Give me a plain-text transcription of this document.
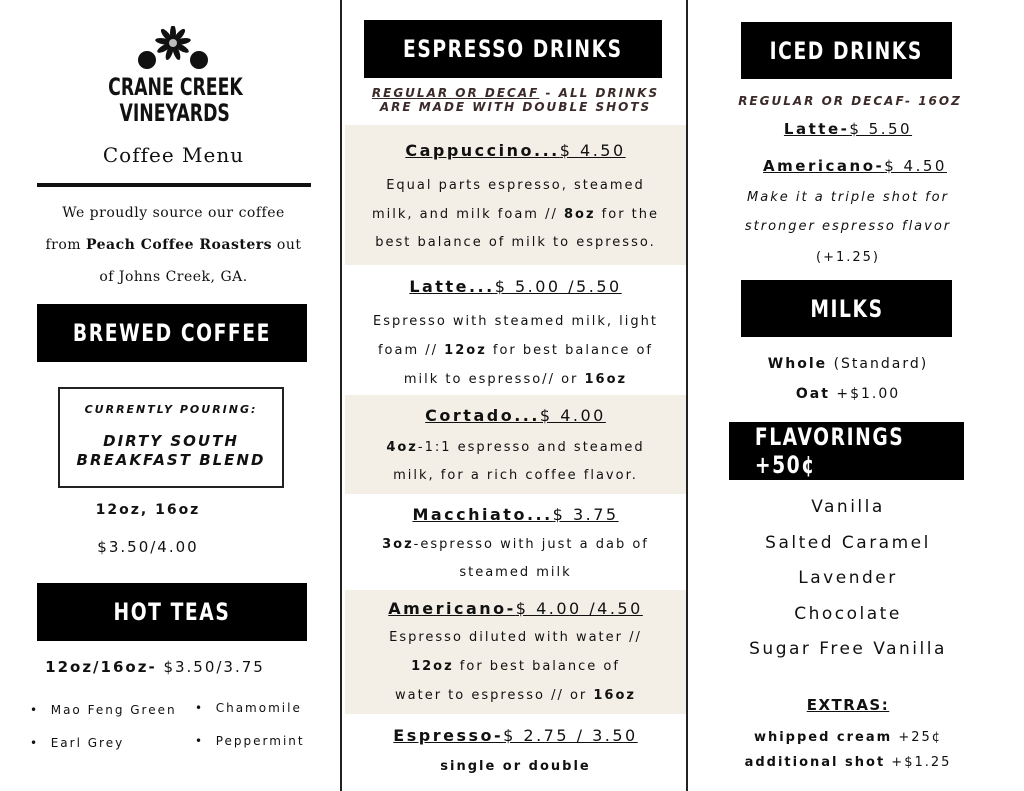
CRANE CREEK
VINEYARDS
Coffee Menu
We proudly source our coffee
from Peach Coffee Roasters out
of Johns Creek, GA.
BREWED COFFEE
CURRENTLY POURING:
DIRTY SOUTH
BREAKFAST BLEND
12oz, 16oz
$3.50/4.00
HOT TEAS
12oz/16oz- $3.50/3.75
•  Mao Feng Green
•  Earl Grey
•  Chamomile
•  Peppermint
ESPRESSO DRINKS
REGULAR OR DECAF - ALL DRINKS
ARE MADE WITH DOUBLE SHOTS
Cappuccino...$ 4.50
Equal parts espresso, steamed
milk, and milk foam // 8oz for the
best balance of milk to espresso.
Latte...$ 5.00 /5.50
Espresso with steamed milk, light
foam // 12oz for best balance of
milk to espresso// or 16oz
Cortado...$ 4.00
4oz-1:1 espresso and steamed
milk, for a rich coffee flavor.
Macchiato...$ 3.75
3oz-espresso with just a dab of
steamed milk
Americano-$ 4.00 /4.50
Espresso diluted with water //
12oz for best balance of
water to espresso // or 16oz
Espresso-$ 2.75 / 3.50
single or double
ICED DRINKS
REGULAR OR DECAF- 16OZ
Latte-$ 5.50
Americano-$ 4.50
Make it a triple shot for
stronger espresso flavor
(+1.25)
MILKS
Whole (Standard)
Oat +$1.00
FLAVORINGS +50¢
Vanilla
Salted Caramel
Lavender
Chocolate
Sugar Free Vanilla
EXTRAS:
whipped cream +25¢
additional shot +$1.25
